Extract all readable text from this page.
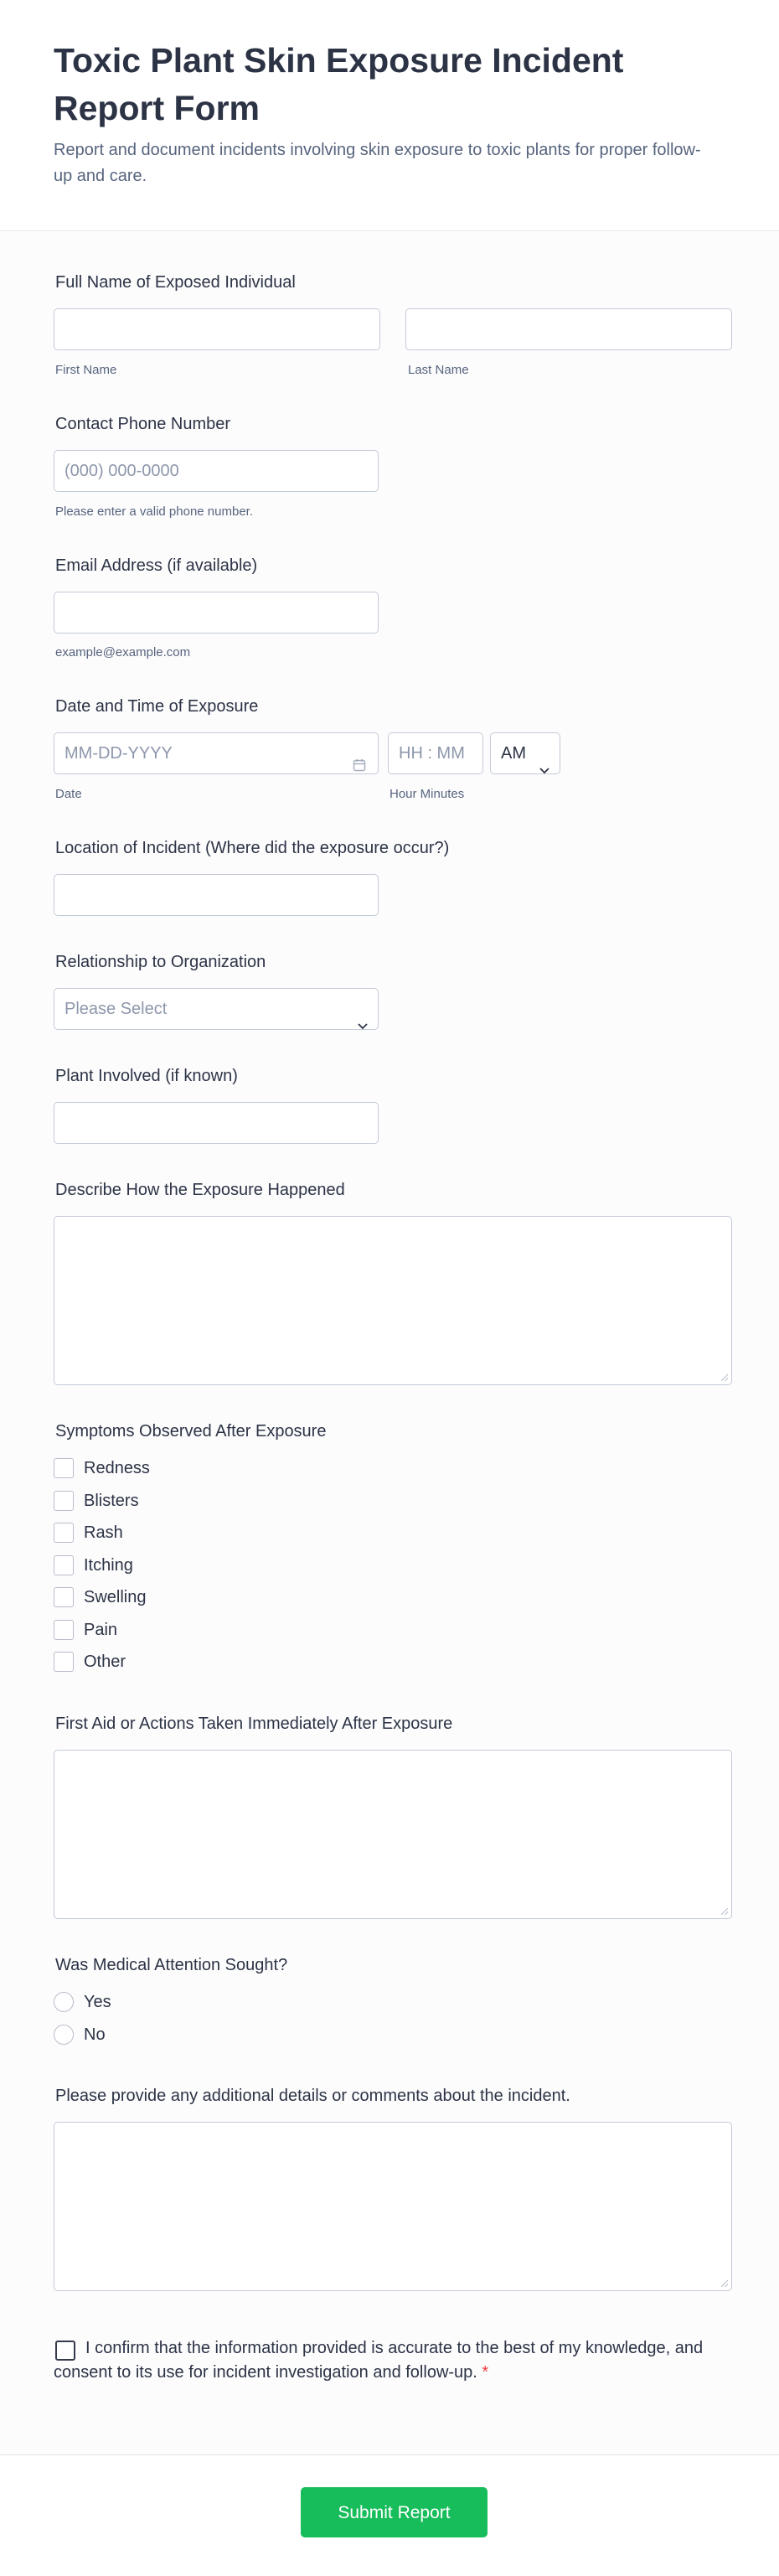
Toxic Plant Skin Exposure Incident Report Form

Report and document incidents involving skin exposure to toxic plants for proper follow-up and care.

Full Name of Exposed Individual
First Name	Last Name
Contact Phone Number
(000) 000-0000
Please enter a valid phone number.
Email Address (if available)
example@example.com
Date and Time of Exposure
MM-DD-YYYY	HH : MM	AM
Date	Hour Minutes
Location of Incident (Where did the exposure occur?)
Relationship to Organization
Please Select
Plant Involved (if known)
Describe How the Exposure Happened
Symptoms Observed After Exposure
Redness
Blisters
Rash
Itching
Swelling
Pain
Other
First Aid or Actions Taken Immediately After Exposure
Was Medical Attention Sought?
Yes
No
Please provide any additional details or comments about the incident.
I confirm that the information provided is accurate to the best of my knowledge, and consent to its use for incident investigation and follow-up. *
Submit Report
